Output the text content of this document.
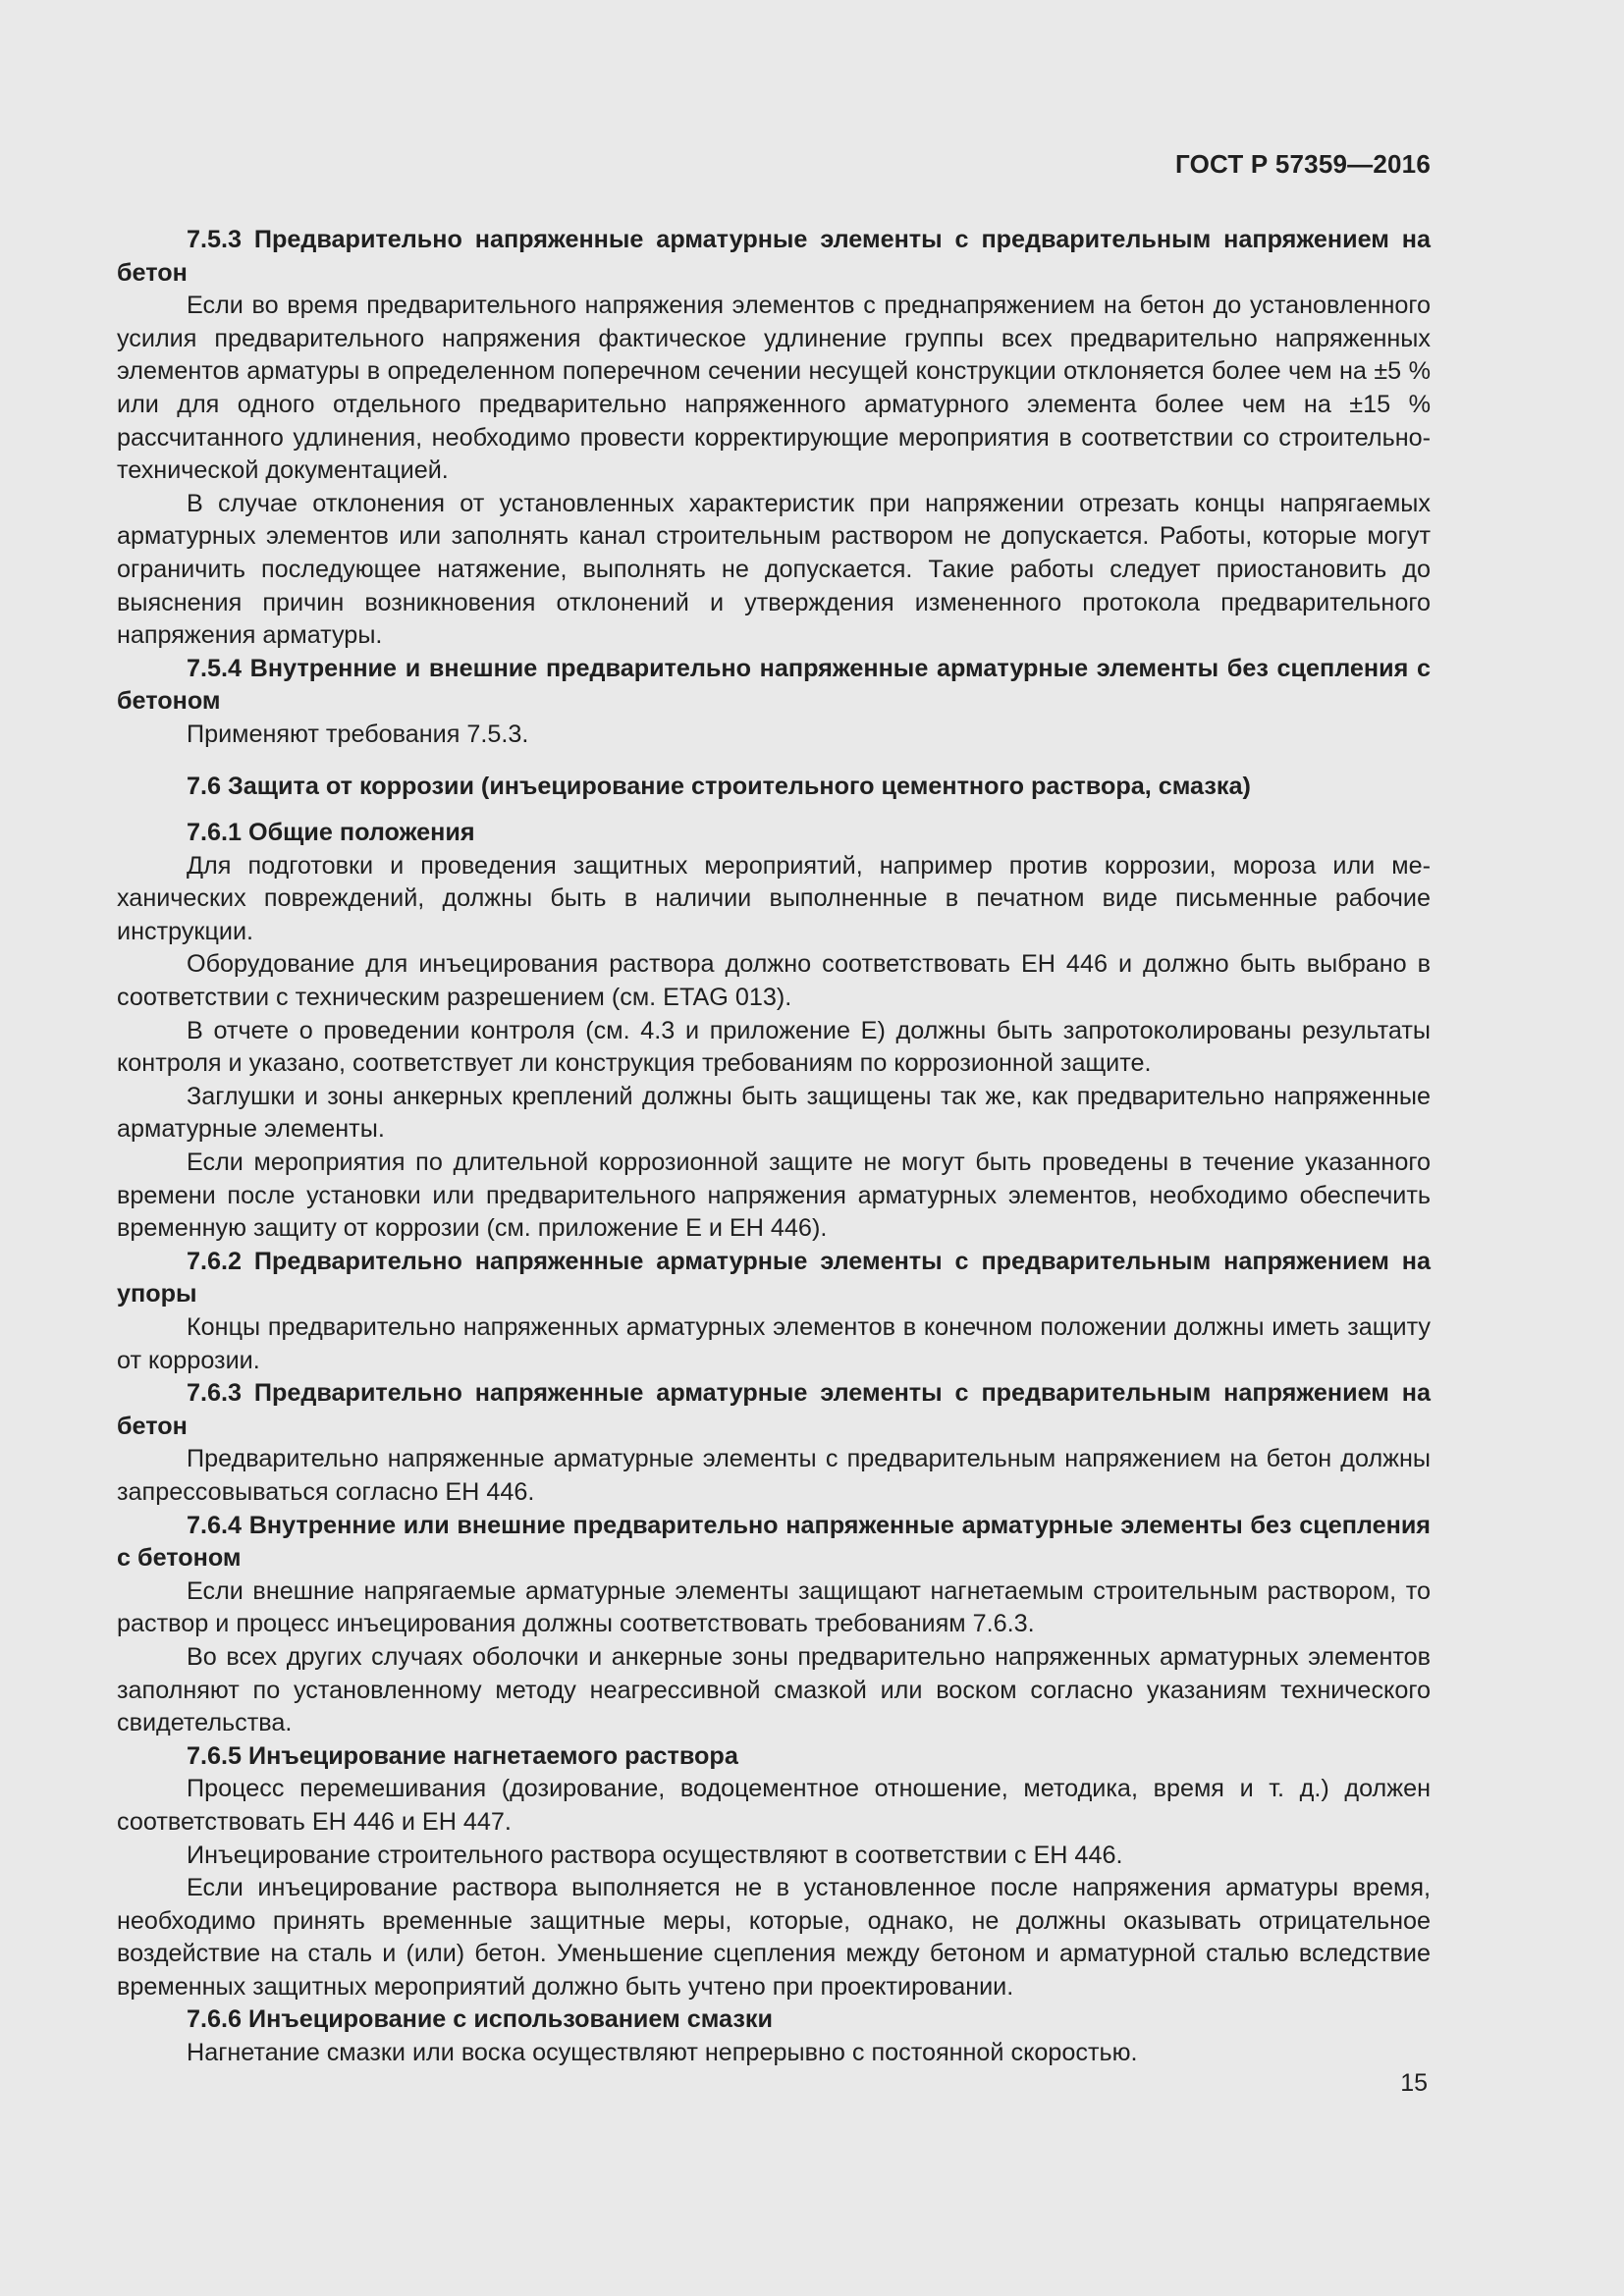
ГОСТ Р 57359—2016

7.5.3 Предварительно напряженные арматурные элементы с предварительным напряжением на бетон

Если во время предварительного напряжения элементов с преднапряжением на бетон до установленного усилия предварительного напряжения фактическое удлинение группы всех предварительно напряженных элементов арматуры в определенном поперечном сечении несущей конструкции отклоняется более чем на ±5 % или для одного отдельного предварительно напряженного арматурного элемента более чем на ±15 % рассчитанного удлинения, необходимо провести корректирующие мероприятия в соответствии со строительно-технической документацией.

В случае отклонения от установленных характеристик при напряжении отрезать концы напрягаемых арматурных элементов или заполнять канал строительным раствором не допускается. Работы, которые могут ограничить последующее натяжение, выполнять не допускается. Такие работы следует приостановить до выяснения причин возникновения отклонений и утверждения измененного протокола предварительного напряжения арматуры.

7.5.4 Внутренние и внешние предварительно напряженные арматурные элементы без сцепления с бетоном

Применяют требования 7.5.3.

7.6 Защита от коррозии (инъецирование строительного цементного раствора, смазка)

7.6.1 Общие положения

Для подготовки и проведения защитных мероприятий, например против коррозии, мороза или механических повреждений, должны быть в наличии выполненные в печатном виде письменные рабочие инструкции.

Оборудование для инъецирования раствора должно соответствовать ЕН 446 и должно быть выбрано в соответствии с техническим разрешением (см. ETAG 013).

В отчете о проведении контроля (см. 4.3 и приложение Е) должны быть запротоколированы результаты контроля и указано, соответствует ли конструкция требованиям по коррозионной защите.

Заглушки и зоны анкерных креплений должны быть защищены так же, как предварительно напряженные арматурные элементы.

Если мероприятия по длительной коррозионной защите не могут быть проведены в течение указанного времени после установки или предварительного напряжения арматурных элементов, необходимо обеспечить временную защиту от коррозии (см. приложение Е и ЕН 446).

7.6.2 Предварительно напряженные арматурные элементы с предварительным напряжением на упоры

Концы предварительно напряженных арматурных элементов в конечном положении должны иметь защиту от коррозии.

7.6.3 Предварительно напряженные арматурные элементы с предварительным напряжением на бетон

Предварительно напряженные арматурные элементы с предварительным напряжением на бетон должны запрессовываться согласно ЕН 446.

7.6.4 Внутренние или внешние предварительно напряженные арматурные элементы без сцепления с бетоном

Если внешние напрягаемые арматурные элементы защищают нагнетаемым строительным раствором, то раствор и процесс инъецирования должны соответствовать требованиям 7.6.3.

Во всех других случаях оболочки и анкерные зоны предварительно напряженных арматурных элементов заполняют по установленному методу неагрессивной смазкой или воском согласно указаниям технического свидетельства.

7.6.5 Инъецирование нагнетаемого раствора

Процесс перемешивания (дозирование, водоцементное отношение, методика, время и т. д.) должен соответствовать ЕН 446 и ЕН 447.

Инъецирование строительного раствора осуществляют в соответствии с ЕН 446.

Если инъецирование раствора выполняется не в установленное после напряжения арматуры время, необходимо принять временные защитные меры, которые, однако, не должны оказывать отрицательное воздействие на сталь и (или) бетон. Уменьшение сцепления между бетоном и арматурной сталью вследствие временных защитных мероприятий должно быть учтено при проектировании.

7.6.6 Инъецирование с использованием смазки

Нагнетание смазки или воска осуществляют непрерывно с постоянной скоростью.

15
